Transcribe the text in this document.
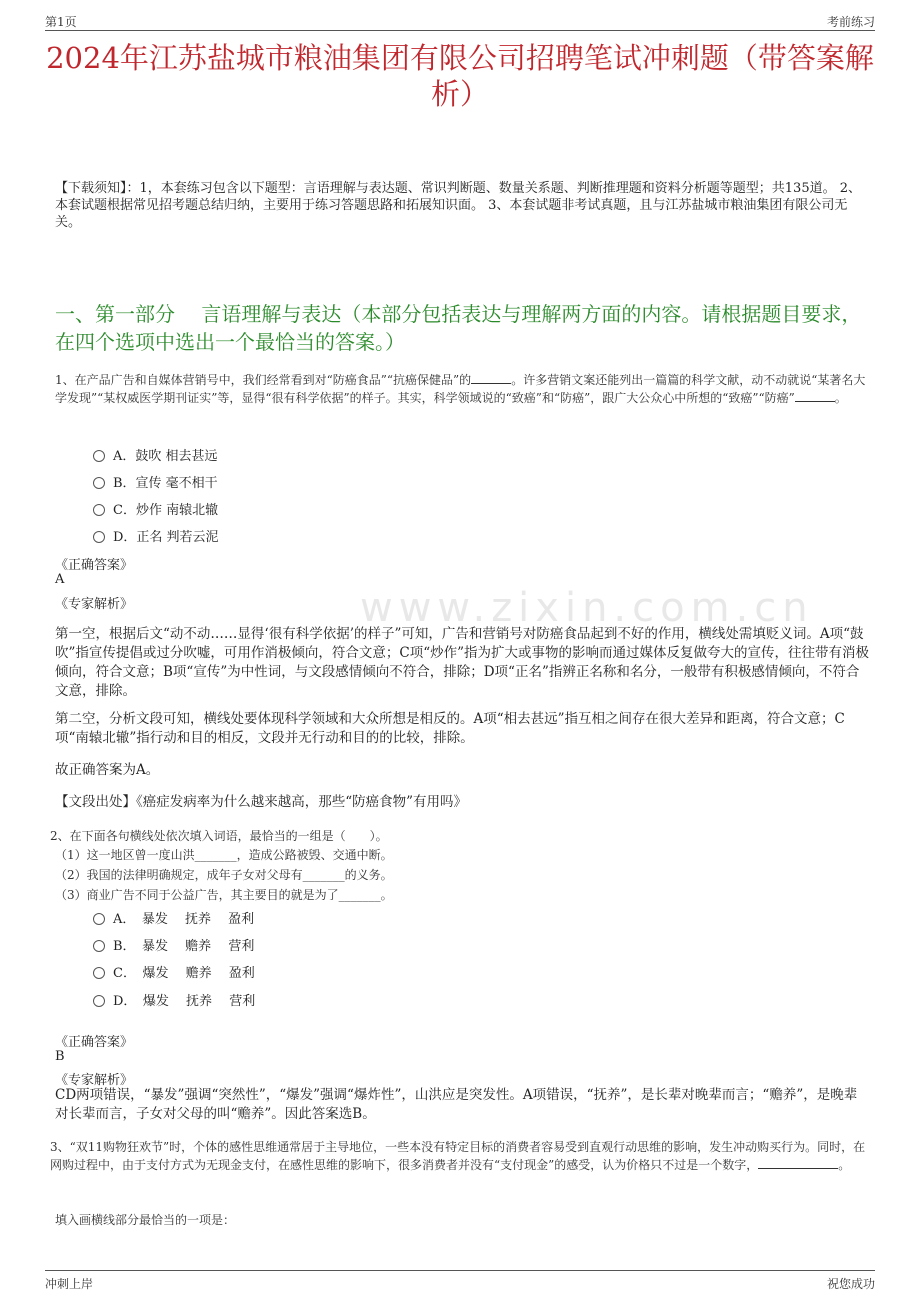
第1页	考前练习
2024年江苏盐城市粮油集团有限公司招聘笔试冲刺题（带答案解析）
【下载须知】：1，本套练习包含以下题型：言语理解与表达题、常识判断题、数量关系题、判断推理题和资料分析题等题型；共135道。 2、本套试题根据常见招考题总结归纳，主要用于练习答题思路和拓展知识面。 3、本套试题非考试真题，且与江苏盐城市粮油集团有限公司无关。
一、第一部分　 言语理解与表达（本部分包括表达与理解两方面的内容。请根据题目要求，在四个选项中选出一个最恰当的答案。）
www.zixin.com.cn
1、在产品广告和自媒体营销号中，我们经常看到对“防癌食品”“抗癌保健品”的	。许多营销文案还能列出一篇篇的科学文献，动不动就说“某著名大学发现”“某权威医学期刊证实”等，显得“很有科学依据”的样子。其实，科学领域说的“致癌”和“防癌”，跟广大公众心中所想的“致癌”“防癌”	。
A．鼓吹 相去甚远
B．宣传 毫不相干
C．炒作 南辕北辙
D．正名 判若云泥
《正确答案》
A
《专家解析》
第一空，根据后文“动不动……显得‘很有科学依据’的样子”可知，广告和营销号对防癌食品起到不好的作用，横线处需填贬义词。A项“鼓吹”指宣传提倡或过分吹嘘，可用作消极倾向，符合文意；C项“炒作”指为扩大或事物的影响而通过媒体反复做夸大的宣传，往往带有消极倾向，符合文意；B项“宣传”为中性词，与文段感情倾向不符合，排除；D项“正名”指辨正名称和名分，一般带有积极感情倾向，不符合文意，排除。
第二空，分析文段可知，横线处要体现科学领域和大众所想是相反的。A项“相去甚远”指互相之间存在很大差异和距离，符合文意；C项“南辕北辙”指行动和目的相反，文段并无行动和目的的比较，排除。
故正确答案为A。
【文段出处】《癌症发病率为什么越来越高，那些“防癌食物”有用吗》
2、在下面各句横线处依次填入词语，最恰当的一组是（　　）。
（1）这一地区曾一度山洪_______，造成公路被毁、交通中断。
（2）我国的法律明确规定，成年子女对父母有_______的义务。
（3）商业广告不同于公益广告，其主要目的就是为了_______。
A．　暴发　 抚养　 盈利
B．　暴发　 赡养　 营利
C．　爆发　 赡养　 盈利
D．　爆发　 抚养　 营利
《正确答案》
B
《专家解析》
CD两项错误，“暴发”强调“突然性”，“爆发”强调“爆炸性”，山洪应是突发性。A项错误，“抚养”，是长辈对晚辈而言；“赡养”，是晚辈对长辈而言，子女对父母的叫“赡养”。因此答案选B。
3、“双11购物狂欢节”时，个体的感性思维通常居于主导地位，一些本没有特定目标的消费者容易受到直观行动思维的影响，发生冲动购买行为。同时，在网购过程中，由于支付方式为无现金支付，在感性思维的影响下，很多消费者并没有“支付现金”的感受，认为价格只不过是一个数字，	。
填入画横线部分最恰当的一项是：
冲刺上岸	祝您成功
